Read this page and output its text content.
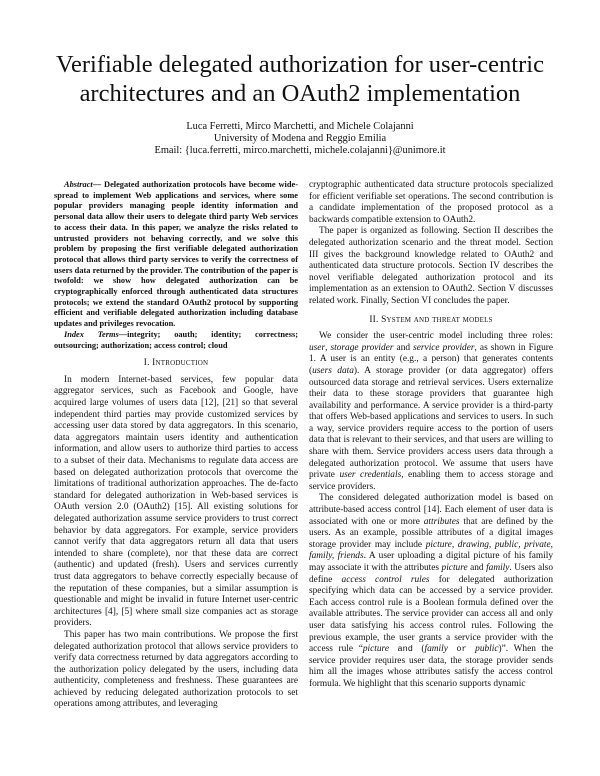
Verifiable delegated authorization for user-centric architectures and an OAuth2 implementation
Luca Ferretti, Mirco Marchetti, and Michele Colajanni
University of Modena and Reggio Emilia
Email: {luca.ferretti, mirco.marchetti, michele.colajanni}@unimore.it

Abstract— Delegated authorization protocols have become wide-spread to implement Web applications and services, where some popular providers managing people identity information and personal data allow their users to delegate third party Web services to access their data. In this paper, we analyze the risks related to untrusted providers not behaving correctly, and we solve this problem by proposing the first verifiable delegated authorization protocol that allows third party services to verify the correctness of users data returned by the provider. The contribution of the paper is twofold: we show how delegated authorization can be cryptographically enforced through authenticated data structures protocols; we extend the standard OAuth2 protocol by supporting efficient and verifiable delegated authorization including database updates and privileges revocation.

Index Terms—integrity; oauth; identity; correctness; outsourcing; authorization; access control; cloud

I. Introduction

In modern Internet-based services, few popular data aggregator services, such as Facebook and Google, have acquired large volumes of users data [12], [21] so that several independent third parties may provide customized services by accessing user data stored by data aggregators. In this scenario, data aggregators maintain users identity and authentication information, and allow users to authorize third parties to access to a subset of their data. Mechanisms to regulate data access are based on delegated authorization protocols that overcome the limitations of traditional authorization approaches. The de-facto standard for delegated authorization in Web-based services is OAuth version 2.0 (OAuth2) [15]. All existing solutions for delegated authorization assume service providers to trust correct behavior by data aggregators. For example, service providers cannot verify that data aggregators return all data that users intended to share (complete), nor that these data are correct (authentic) and updated (fresh). Users and services currently trust data aggregators to behave correctly especially because of the reputation of these companies, but a similar assumption is questionable and might be invalid in future Internet user-centric architectures [4], [5] where small size companies act as storage providers.

This paper has two main contributions. We propose the first delegated authorization protocol that allows service providers to verify data correctness returned by data aggregators according to the authorization policy delegated by the users, including data authenticity, completeness and freshness. These guarantees are achieved by reducing delegated authorization protocols to set operations among attributes, and leveraging

cryptographic authenticated data structure protocols specialized for efficient verifiable set operations. The second contribution is a candidate implementation of the proposed protocol as a backwards compatible extension to OAuth2.

The paper is organized as following. Section II describes the delegated authorization scenario and the threat model. Section III gives the background knowledge related to OAuth2 and authenticated data structure protocols. Section IV describes the novel verifiable delegated authorization protocol and its implementation as an extension to OAuth2. Section V discusses related work. Finally, Section VI concludes the paper.

II. System and threat models

We consider the user-centric model including three roles: user, storage provider and service provider, as shown in Figure 1. A user is an entity (e.g., a person) that generates contents (users data). A storage provider (or data aggregator) offers outsourced data storage and retrieval services. Users externalize their data to these storage providers that guarantee high availability and performance. A service provider is a third-party that offers Web-based applications and services to users. In such a way, service providers require access to the portion of users data that is relevant to their services, and that users are willing to share with them. Service providers access users data through a delegated authorization protocol. We assume that users have private user credentials, enabling them to access storage and service providers.

The considered delegated authorization model is based on attribute-based access control [14]. Each element of user data is associated with one or more attributes that are defined by the users. As an example, possible attributes of a digital images storage provider may include picture, drawing, public, private, family, friends. A user uploading a digital picture of his family may associate it with the attributes picture and family. Users also define access control rules for delegated authorization specifying which data can be accessed by a service provider. Each access control rule is a Boolean formula defined over the available attributes. The service provider can access all and only user data satisfying his access control rules. Following the previous example, the user grants a service provider with the access rule “picture and (family or public)”. When the service provider requires user data, the storage provider sends him all the images whose attributes satisfy the access control formula. We highlight that this scenario supports dynamic
